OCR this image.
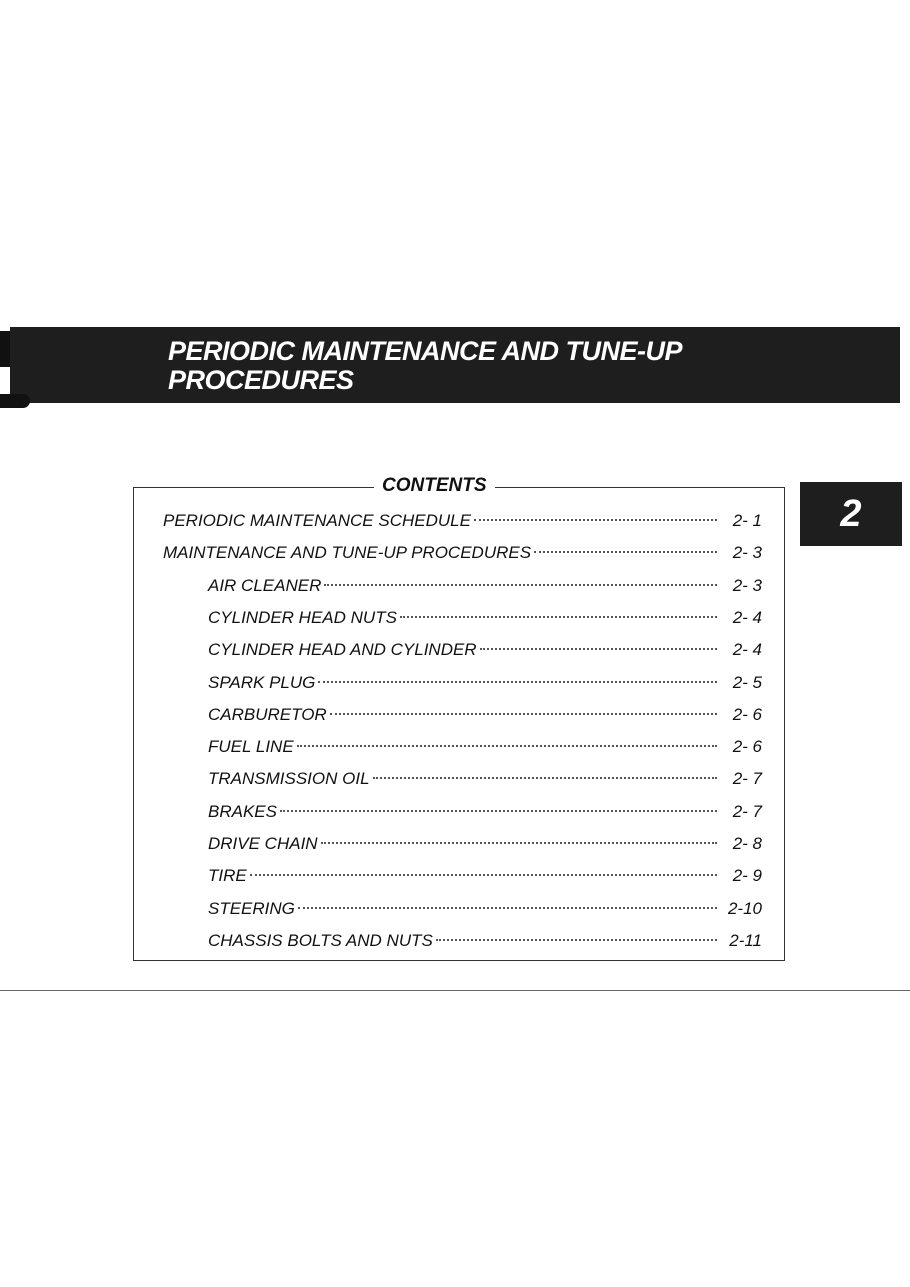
PERIODIC MAINTENANCE AND TUNE-UP
PROCEDURES
2
CONTENTS
PERIODIC MAINTENANCE SCHEDULE	2- 1
MAINTENANCE AND TUNE-UP PROCEDURES	2- 3
AIR CLEANER	2- 3
CYLINDER HEAD NUTS	2- 4
CYLINDER HEAD AND CYLINDER	2- 4
SPARK PLUG	2- 5
CARBURETOR	2- 6
FUEL LINE	2- 6
TRANSMISSION OIL	2- 7
BRAKES	2- 7
DRIVE CHAIN	2- 8
TIRE	2- 9
STEERING	2-10
CHASSIS BOLTS AND NUTS	2-11
